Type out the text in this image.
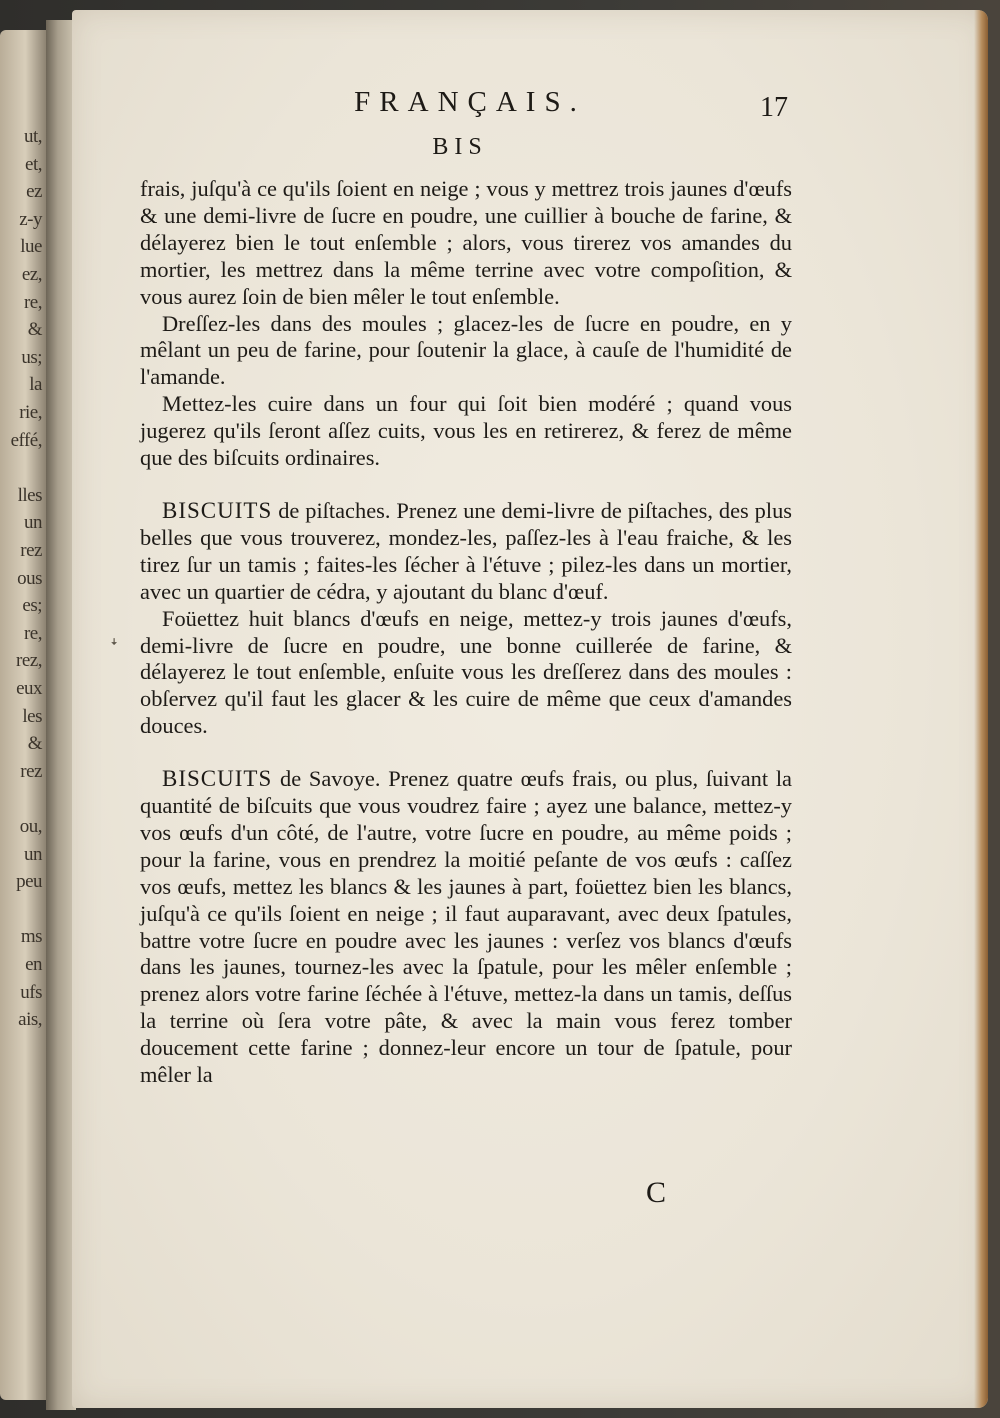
ut,
et,
ez
z-y
lue
ez,
re,
&
us;
la
rie,
effé,
lles
un
rez
ous
es;
re,
rez,
eux
les
&
rez
ou,
un
peu
ms
en
ufs
ais,
FRANÇAIS.	17
BIS

frais, juſqu'à ce qu'ils ſoient en neige ; vous y mettrez trois jaunes d'œufs & une demi-livre de ſucre en poudre, une cuillier à bouche de farine, & délayerez bien le tout enſemble ; alors, vous tirerez vos amandes du mortier, les mettrez dans la même terrine avec votre compoſition, & vous aurez ſoin de bien mêler le tout enſemble.

Dreſſez-les dans des moules ; glacez-les de ſucre en poudre, en y mêlant un peu de farine, pour ſoutenir la glace, à cauſe de l'humidité de l'amande.

Mettez-les cuire dans un four qui ſoit bien modéré ; quand vous jugerez qu'ils ſeront aſſez cuits, vous les en retirerez, & ferez de même que des biſcuits ordinaires.

BISCUITS de piſtaches. Prenez une demi-livre de piſtaches, des plus belles que vous trouverez, mondez-les, paſſez-les à l'eau fraiche, & les tirez ſur un tamis ; faites-les ſécher à l'étuve ; pilez-les dans un mortier, avec un quartier de cédra, y ajoutant du blanc d'œuf.

Foüettez huit blancs d'œufs en neige, mettez-y trois jaunes d'œufs, demi-livre de ſucre en poudre, une bonne cuillerée de farine, & délayerez le tout enſemble, enſuite vous les dreſſerez dans des moules : obſervez qu'il faut les glacer & les cuire de même que ceux d'amandes douces.

BISCUITS de Savoye. Prenez quatre œufs frais, ou plus, ſuivant la quantité de biſcuits que vous voudrez faire ; ayez une balance, mettez-y vos œufs d'un côté, de l'autre, votre ſucre en poudre, au même poids ; pour la farine, vous en prendrez la moitié peſante de vos œufs : caſſez vos œufs, mettez les blancs & les jaunes à part, foüettez bien les blancs, juſqu'à ce qu'ils ſoient en neige ; il faut auparavant, avec deux ſpatules, battre votre ſucre en poudre avec les jaunes : verſez vos blancs d'œufs dans les jaunes, tournez-les avec la ſpatule, pour les mêler enſemble ; prenez alors votre farine ſéchée à l'étuve, mettez-la dans un tamis, deſſus la terrine où ſera votre pâte, & avec la main vous ferez tomber doucement cette farine ; donnez-leur encore un tour de ſpatule, pour mêler la

C
ꜜ
